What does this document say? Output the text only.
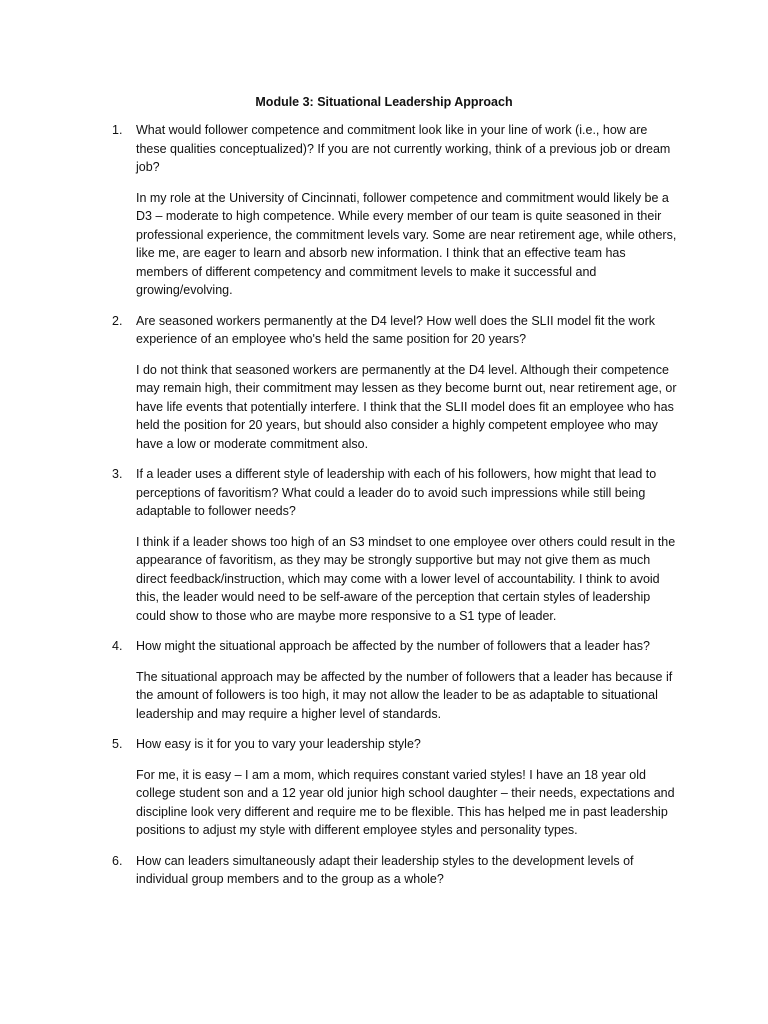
Module 3: Situational Leadership Approach
1.	What would follower competence and commitment look like in your line of work (i.e., how are these qualities conceptualized)? If you are not currently working, think of a previous job or dream job?

In my role at the University of Cincinnati, follower competence and commitment would likely be a D3 – moderate to high competence. While every member of our team is quite seasoned in their professional experience, the commitment levels vary. Some are near retirement age, while others, like me, are eager to learn and absorb new information. I think that an effective team has members of different competency and commitment levels to make it successful and growing/evolving.

2.	Are seasoned workers permanently at the D4 level? How well does the SLII model fit the work experience of an employee who's held the same position for 20 years?

I do not think that seasoned workers are permanently at the D4 level. Although their competence may remain high, their commitment may lessen as they become burnt out, near retirement age, or have life events that potentially interfere. I think that the SLII model does fit an employee who has held the position for 20 years, but should also consider a highly competent employee who may have a low or moderate commitment also.

3.	If a leader uses a different style of leadership with each of his followers, how might that lead to perceptions of favoritism? What could a leader do to avoid such impressions while still being adaptable to follower needs?

I think if a leader shows too high of an S3 mindset to one employee over others could result in the appearance of favoritism, as they may be strongly supportive but may not give them as much direct feedback/instruction, which may come with a lower level of accountability. I think to avoid this, the leader would need to be self-aware of the perception that certain styles of leadership could show to those who are maybe more responsive to a S1 type of leader.

4.	How might the situational approach be affected by the number of followers that a leader has?

The situational approach may be affected by the number of followers that a leader has because if the amount of followers is too high, it may not allow the leader to be as adaptable to situational leadership and may require a higher level of standards.

5.	How easy is it for you to vary your leadership style?

For me, it is easy – I am a mom, which requires constant varied styles! I have an 18 year old college student son and a 12 year old junior high school daughter – their needs, expectations and discipline look very different and require me to be flexible. This has helped me in past leadership positions to adjust my style with different employee styles and personality types.

6.	How can leaders simultaneously adapt their leadership styles to the development levels of individual group members and to the group as a whole?
